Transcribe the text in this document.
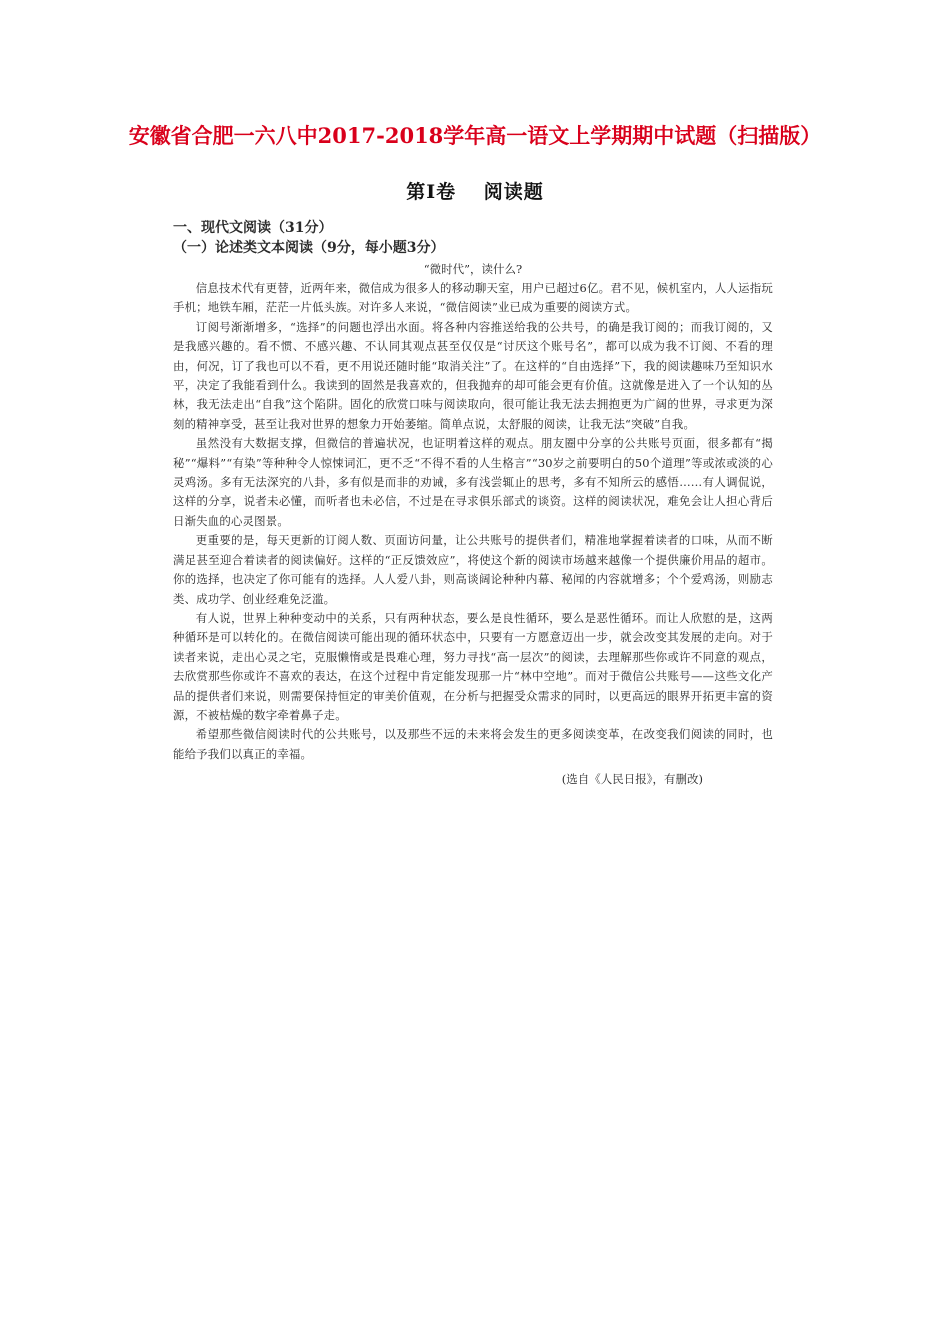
安徽省合肥一六八中2017-2018学年高一语文上学期期中试题（扫描版）
第Ⅰ卷　 阅读题

一、现代文阅读（31分）

（一）论述类文本阅读（9分，每小题3分）

“微时代”，读什么?

信息技术代有更替，近两年来，微信成为很多人的移动聊天室，用户已超过6亿。君不见，候机室内，人人运指玩手机；地铁车厢，茫茫一片低头族。对许多人来说，“微信阅读”业已成为重要的阅读方式。

订阅号渐渐增多，“选择”的问题也浮出水面。将各种内容推送给我的公共号，的确是我订阅的；而我订阅的，又是我感兴趣的。看不惯、不感兴趣、不认同其观点甚至仅仅是“讨厌这个账号名”，都可以成为我不订阅、不看的理由，何况，订了我也可以不看，更不用说还随时能“取消关注”了。在这样的“自由选择”下，我的阅读趣味乃至知识水平，决定了我能看到什么。我读到的固然是我喜欢的，但我抛弃的却可能会更有价值。这就像是进入了一个认知的丛林，我无法走出“自我”这个陷阱。固化的欣赏口味与阅读取向，很可能让我无法去拥抱更为广阔的世界，寻求更为深刻的精神享受，甚至让我对世界的想象力开始萎缩。简单点说，太舒服的阅读，让我无法“突破”自我。

虽然没有大数据支撑，但微信的普遍状况，也证明着这样的观点。朋友圈中分享的公共账号页面，很多都有“揭秘”“爆料”“有染”等种种令人惊悚词汇，更不乏“不得不看的人生格言”“30岁之前要明白的50个道理”等或浓或淡的心灵鸡汤。多有无法深究的八卦，多有似是而非的劝诫，多有浅尝辄止的思考，多有不知所云的感悟……有人调侃说，这样的分享，说者未必懂，而听者也未必信，不过是在寻求俱乐部式的谈资。这样的阅读状况，难免会让人担心背后日渐失血的心灵图景。

更重要的是，每天更新的订阅人数、页面访问量，让公共账号的提供者们，精准地掌握着读者的口味，从而不断满足甚至迎合着读者的阅读偏好。这样的“正反馈效应”，将使这个新的阅读市场越来越像一个提供廉价用品的超市。你的选择，也决定了你可能有的选择。人人爱八卦，则高谈阔论种种内幕、秘闻的内容就增多；个个爱鸡汤，则励志类、成功学、创业经难免泛滥。

有人说，世界上种种变动中的关系，只有两种状态，要么是良性循环，要么是恶性循环。而让人欣慰的是，这两种循环是可以转化的。在微信阅读可能出现的循环状态中，只要有一方愿意迈出一步，就会改变其发展的走向。对于读者来说，走出心灵之宅，克服懒惰或是畏难心理，努力寻找“高一层次”的阅读，去理解那些你或许不同意的观点，去欣赏那些你或许不喜欢的表达，在这个过程中肯定能发现那一片“林中空地”。而对于微信公共账号——这些文化产品的提供者们来说，则需要保持恒定的审美价值观，在分析与把握受众需求的同时，以更高远的眼界开拓更丰富的资源，不被枯燥的数字牵着鼻子走。

希望那些微信阅读时代的公共账号，以及那些不远的未来将会发生的更多阅读变革，在改变我们阅读的同时，也能给予我们以真正的幸福。

(选自《人民日报》，有删改)
